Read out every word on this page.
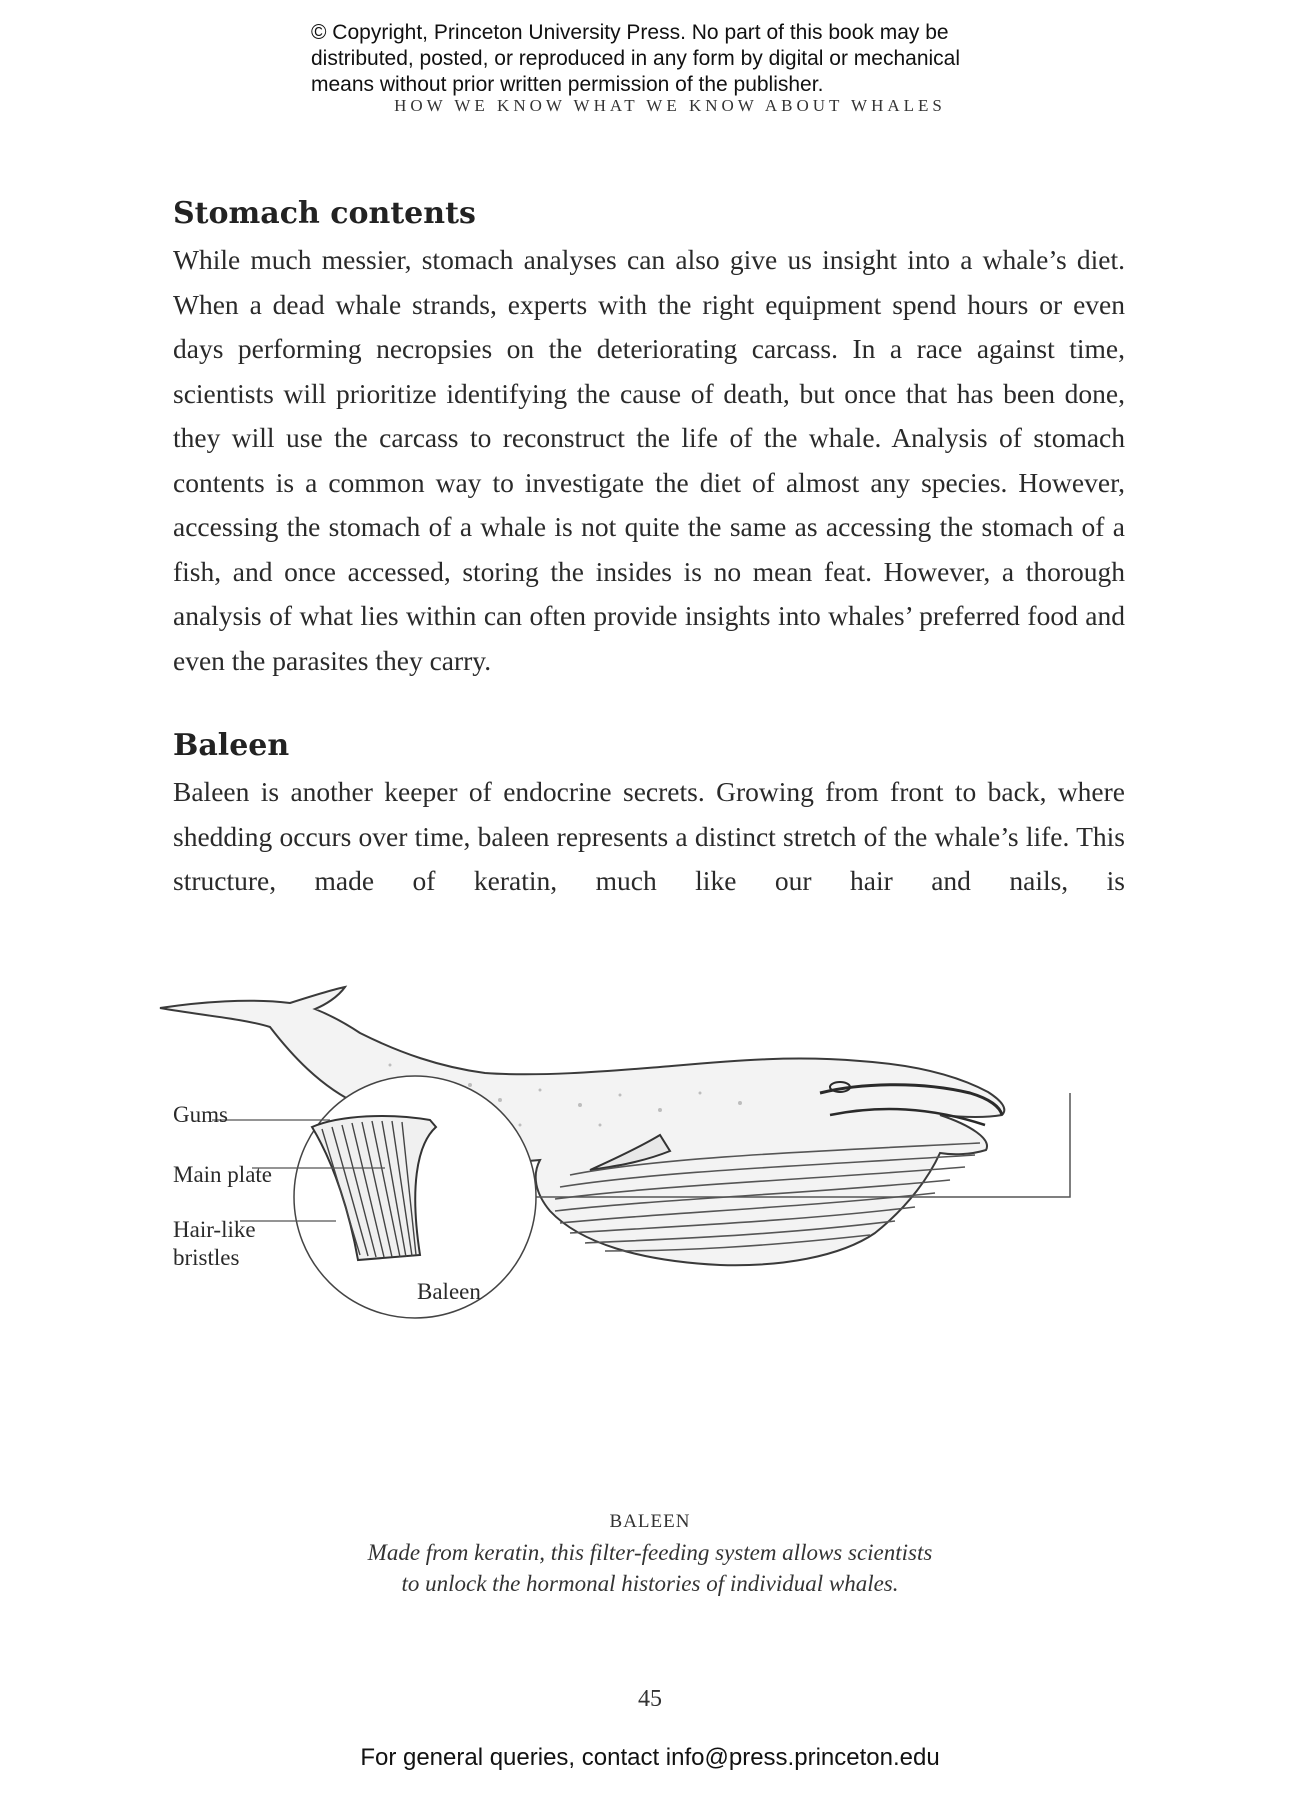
© Copyright, Princeton University Press. No part of this book may be
distributed, posted, or reproduced in any form by digital or mechanical
means without prior written permission of the publisher.
HOW WE KNOW WHAT WE KNOW ABOUT WHALES
Stomach contents

While much messier, stomach analyses can also give us insight into a whale’s diet. When a dead whale strands, experts with the right equipment spend hours or even days performing necropsies on the deteriorating carcass. In a race against time, scientists will prioritize identifying the cause of death, but once that has been done, they will use the carcass to reconstruct the life of the whale. Analysis of stomach contents is a common way to investigate the diet of almost any species. However, accessing the stomach of a whale is not quite the same as accessing the stomach of a fish, and once accessed, storing the insides is no mean feat. However, a thorough analysis of what lies within can often provide insights into whales’ preferred food and even the parasites they carry.

Baleen

Baleen is another keeper of endocrine secrets. Growing from front to back, where shedding occurs over time, baleen represents a distinct stretch of the whale’s life. This structure, made of keratin, much like our hair and nails, is

Gums
Main plate
Hair-like
bristles
Baleen
BALEEN
Made from keratin, this filter-feeding system allows scientists
to unlock the hormonal histories of individual whales.
45
For general queries, contact info@press.princeton.edu
